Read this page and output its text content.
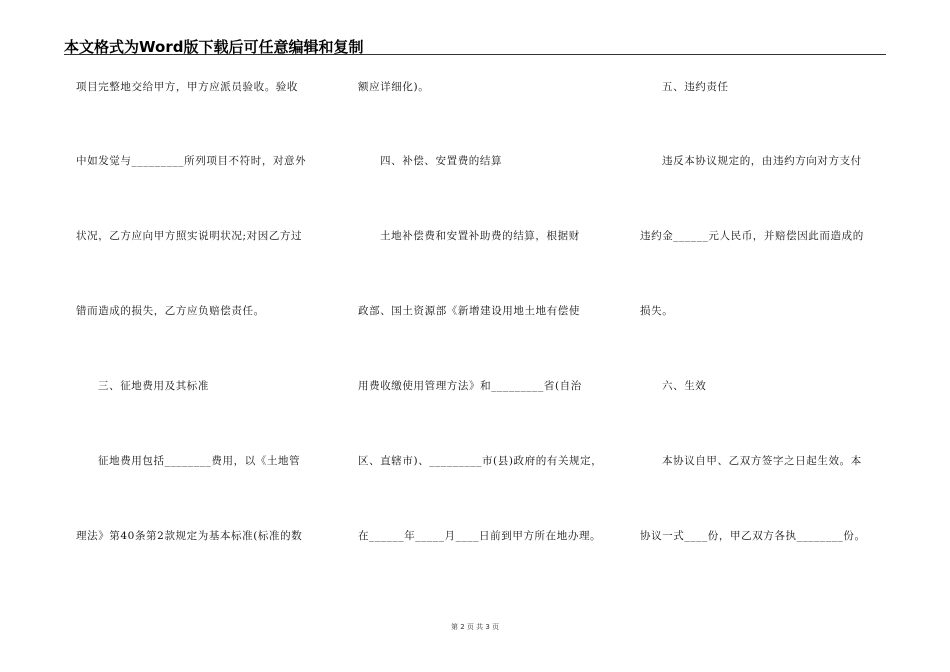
本文格式为Word版下载后可任意编辑和复制
项目完整地交给甲方，甲方应派员验收。验收
中如发觉与_________所列项目不符时，对意外
状况，乙方应向甲方照实说明状况;对因乙方过
错而造成的损失，乙方应负赔偿责任。
三、征地费用及其标准
征地费用包括________费用，以《土地管
理法》第40条第2款规定为基本标准(标准的数
额应详细化)。
四、补偿、安置费的结算
土地补偿费和安置补助费的结算，根据财
政部、国土资源部《新增建设用地土地有偿使
用费收缴使用管理方法》和_________省(自治
区、直辖市)、_________市(县)政府的有关规定，
在______年_____月____日前到甲方所在地办理。
五、违约责任
违反本协议规定的，由违约方向对方支付
违约金______元人民币，并赔偿因此而造成的
损失。
六、生效
本协议自甲、乙双方签字之日起生效。本
协议一式____份，甲乙双方各执________份。
第 2 页 共 3 页
